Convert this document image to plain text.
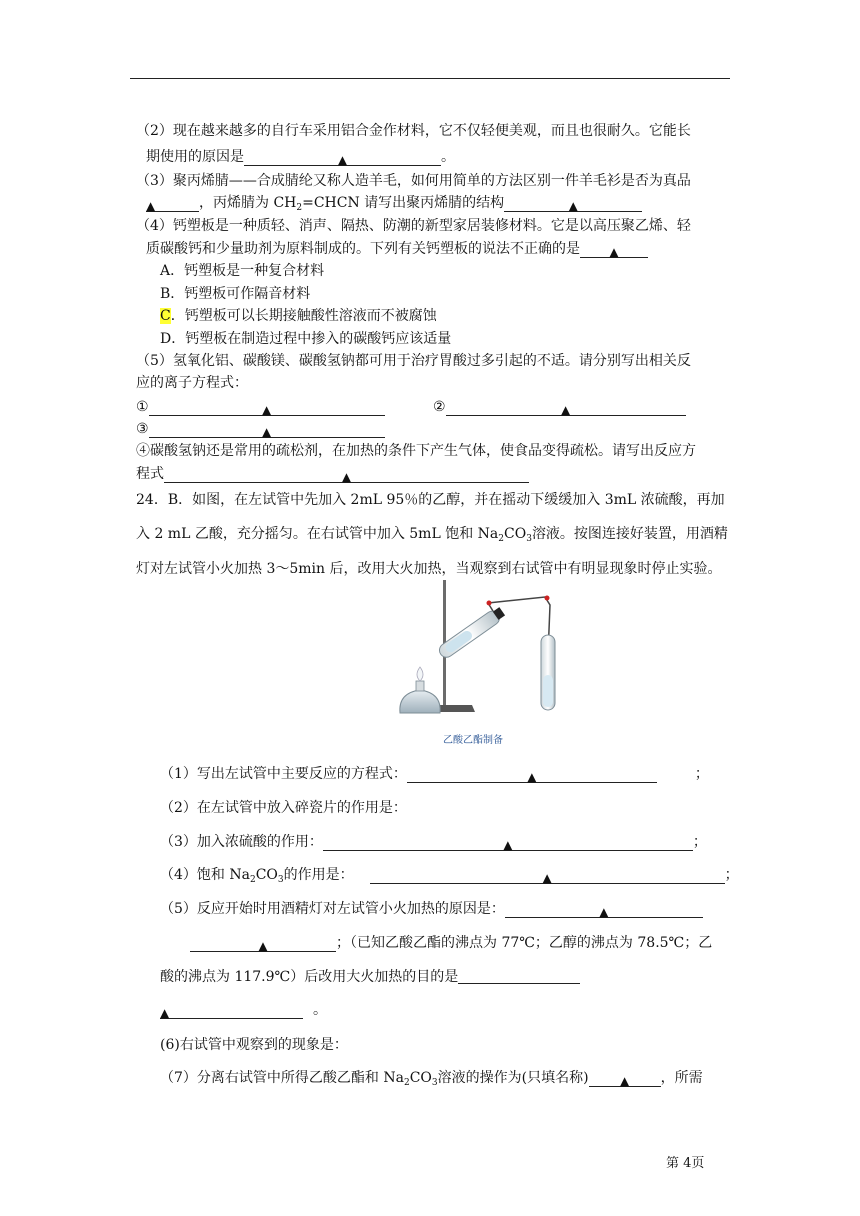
（2）现在越来越多的自行车采用铝合金作材料，它不仅轻便美观，而且也很耐久。它能长
期使用的原因是	▲	。
（3）聚丙烯腈——合成腈纶又称人造羊毛，如何用简单的方法区别一件羊毛衫是否为真品
▲	，丙烯腈为 $CH_2=CHCN$ 请写出聚丙烯腈的结构	▲
（4）钙塑板是一种质轻、消声、隔热、防潮的新型家居装修材料。它是以高压聚乙烯、轻
质碳酸钙和少量助剂为原料制成的。下列有关钙塑板的说法不正确的是 ▲
A．钙塑板是一种复合材料
B．钙塑板可作隔音材料
C．钙塑板可以长期接触酸性溶液而不被腐蚀
D．钙塑板在制造过程中掺入的碳酸钙应该适量
（5）氢氧化铝、碳酸镁、碳酸氢钠都可用于治疗胃酸过多引起的不适。请分别写出相关反
应的离子方程式：
①	▲	②	▲
③	▲
④碳酸氢钠还是常用的疏松剂，在加热的条件下产生气体，使食品变得疏松。请写出反应方
程式	▲
24．B．如图，在左试管中先加入 2mL 95％的乙醇，并在摇动下缓缓加入 3mL 浓硫酸，再加
入 2 mL 乙酸，充分摇匀。在右试管中加入 5mL 饱和 $Na_2CO_3$溶液。按图连接好装置，用酒精
灯对左试管小火加热 3～5min 后，改用大火加热，当观察到右试管中有明显现象时停止实验。
乙酸乙酯制备
（1）写出左试管中主要反应的方程式：	▲	；
（2）在左试管中放入碎瓷片的作用是：
（3）加入浓硫酸的作用：	▲	；
（4）饱和 $Na_2CO_3$的作用是：	▲	；
（5）反应开始时用酒精灯对左试管小火加热的原因是：	▲
▲	；（已知乙酸乙酯的沸点为 77℃；乙醇的沸点为 78.5℃；乙
酸的沸点为 117.9℃）后改用大火加热的目的是
▲	。
(6)右试管中观察到的现象是：
（7）分离右试管中所得乙酸乙酯和 $Na_2CO_3$溶液的操作为(只填名称)	▲ ，所需
第 4页
